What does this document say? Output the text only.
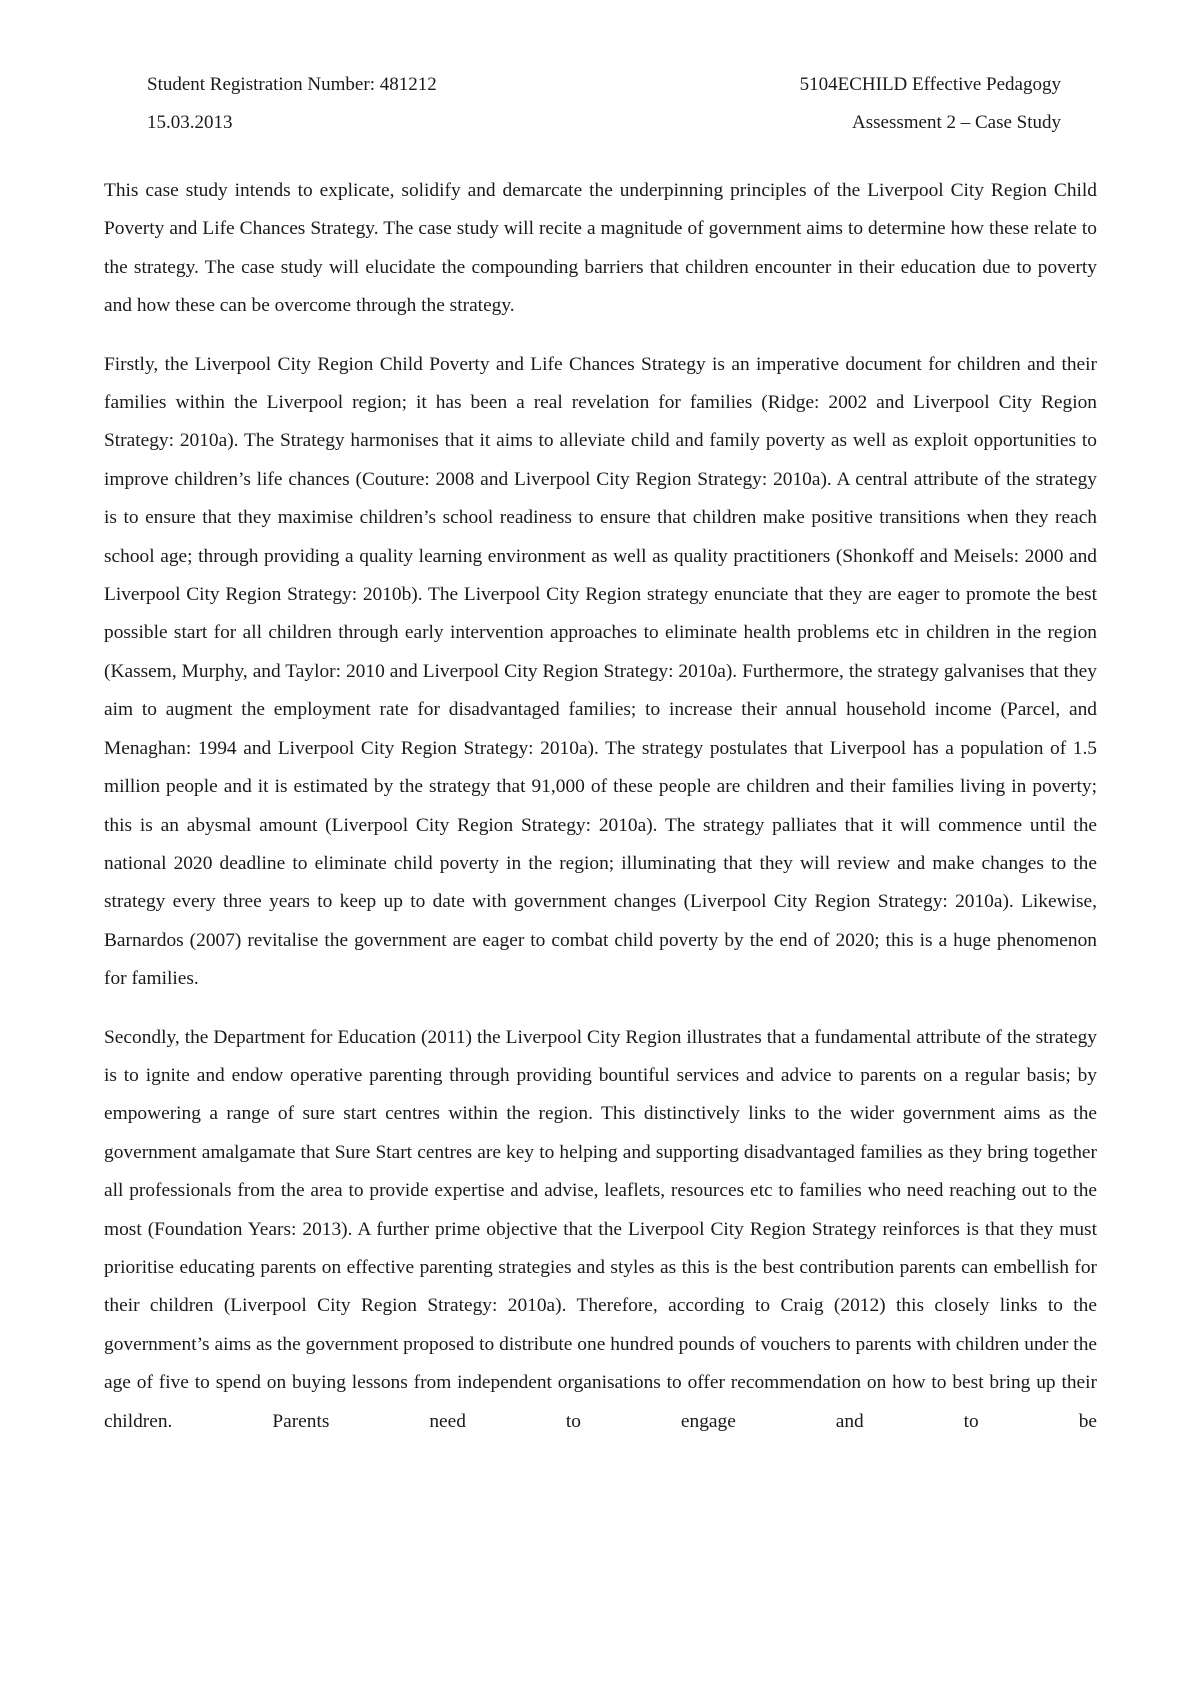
Student Registration Number: 481212	5104ECHILD Effective Pedagogy
15.03.2013	Assessment 2 – Case Study

This case study intends to explicate, solidify and demarcate the underpinning principles of the Liverpool City Region Child Poverty and Life Chances Strategy. The case study will recite a magnitude of government aims to determine how these relate to the strategy. The case study will elucidate the compounding barriers that children encounter in their education due to poverty and how these can be overcome through the strategy.

Firstly, the Liverpool City Region Child Poverty and Life Chances Strategy is an imperative document for children and their families within the Liverpool region; it has been a real revelation for families (Ridge: 2002 and Liverpool City Region Strategy: 2010a). The Strategy harmonises that it aims to alleviate child and family poverty as well as exploit opportunities to improve children’s life chances (Couture: 2008 and Liverpool City Region Strategy: 2010a). A central attribute of the strategy is to ensure that they maximise children’s school readiness to ensure that children make positive transitions when they reach school age; through providing a quality learning environment as well as quality practitioners (Shonkoff and Meisels: 2000 and Liverpool City Region Strategy: 2010b). The Liverpool City Region strategy enunciate that they are eager to promote the best possible start for all children through early intervention approaches to eliminate health problems etc in children in the region (Kassem, Murphy, and Taylor: 2010 and Liverpool City Region Strategy: 2010a). Furthermore, the strategy galvanises that they aim to augment the employment rate for disadvantaged families; to increase their annual household income (Parcel, and Menaghan: 1994 and Liverpool City Region Strategy: 2010a). The strategy postulates that Liverpool has a population of 1.5 million people and it is estimated by the strategy that 91,000 of these people are children and their families living in poverty; this is an abysmal amount (Liverpool City Region Strategy: 2010a). The strategy palliates that it will commence until the national 2020 deadline to eliminate child poverty in the region; illuminating that they will review and make changes to the strategy every three years to keep up to date with government changes (Liverpool City Region Strategy: 2010a). Likewise, Barnardos (2007) revitalise the government are eager to combat child poverty by the end of 2020; this is a huge phenomenon for families.

Secondly, the Department for Education (2011) the Liverpool City Region illustrates that a fundamental attribute of the strategy is to ignite and endow operative parenting through providing bountiful services and advice to parents on a regular basis; by empowering a range of sure start centres within the region. This distinctively links to the wider government aims as the government amalgamate that Sure Start centres are key to helping and supporting disadvantaged families as they bring together all professionals from the area to provide expertise and advise, leaflets, resources etc to families who need reaching out to the most (Foundation Years: 2013). A further prime objective that the Liverpool City Region Strategy reinforces is that they must prioritise educating parents on effective parenting strategies and styles as this is the best contribution parents can embellish for their children (Liverpool City Region Strategy: 2010a). Therefore, according to Craig (2012) this closely links to the government’s aims as the government proposed to distribute one hundred pounds of vouchers to parents with children under the age of five to spend on buying lessons from independent organisations to offer recommendation on how to best bring up their children. Parents need to engage and to be
